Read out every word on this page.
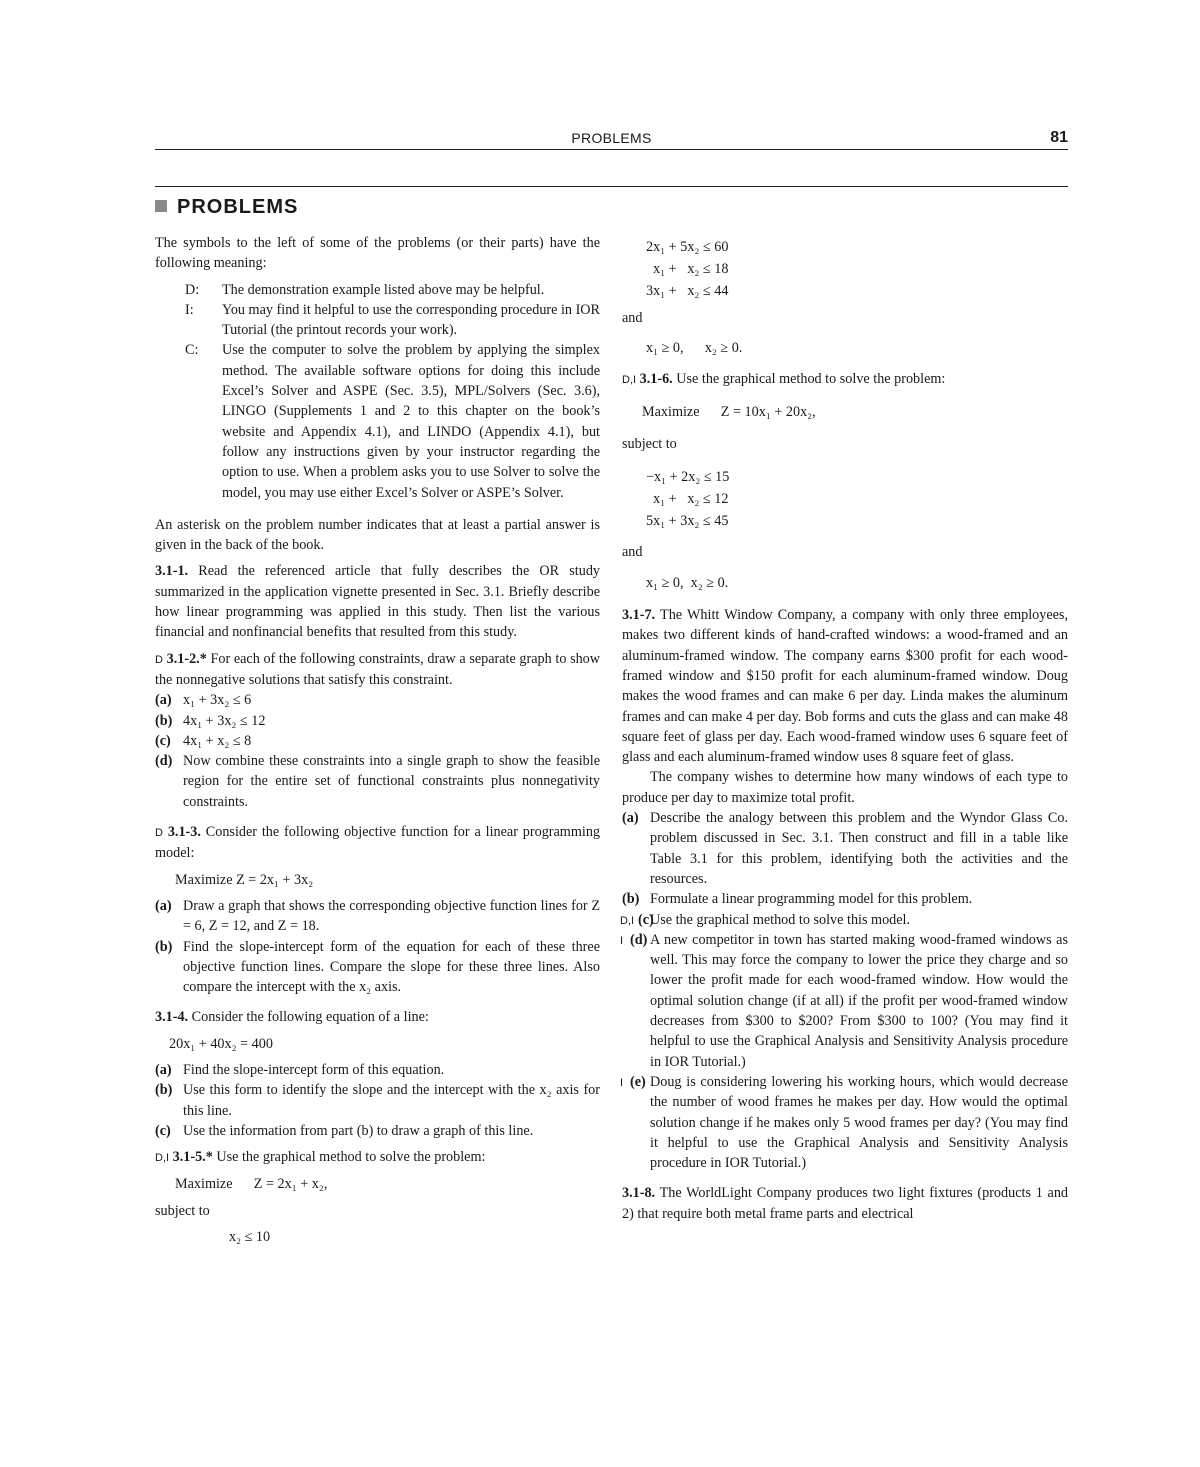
PROBLEMS	81
PROBLEMS

The symbols to the left of some of the problems (or their parts) have the following meaning:

D:	The demonstration example listed above may be helpful.
I:	You may find it helpful to use the corresponding procedure in IOR Tutorial (the printout records your work).
C:	Use the computer to solve the problem by applying the simplex method. The available software options for doing this include Excel’s Solver and ASPE (Sec. 3.5), MPL/Solvers (Sec. 3.6), LINGO (Supplements 1 and 2 to this chapter on the book’s website and Appendix 4.1), and LINDO (Appendix 4.1), but follow any instructions given by your instructor regarding the option to use. When a problem asks you to use Solver to solve the model, you may use either Excel’s Solver or ASPE’s Solver.

An asterisk on the problem number indicates that at least a partial answer is given in the back of the book.

3.1-1. Read the referenced article that fully describes the OR study summarized in the application vignette presented in Sec. 3.1. Briefly describe how linear programming was applied in this study. Then list the various financial and nonfinancial benefits that resulted from this study.

D 3.1-2.* For each of the following constraints, draw a separate graph to show the nonnegative solutions that satisfy this constraint.

(a) x₁ + 3x₂ ≤ 6
(b) 4x₁ + 3x₂ ≤ 12
(c) 4x₁ + x₂ ≤ 8
(d) Now combine these constraints into a single graph to show the feasible region for the entire set of functional constraints plus nonnegativity constraints.

D 3.1-3. Consider the following objective function for a linear programming model:

Maximize Z = 2x₁ + 3x₂
(a) Draw a graph that shows the corresponding objective function lines for Z = 6, Z = 12, and Z = 18.
(b) Find the slope-intercept form of the equation for each of these three objective function lines. Compare the slope for these three lines. Also compare the intercept with the x₂ axis.

3.1-4. Consider the following equation of a line:

20x₁ + 40x₂ = 400
(a) Find the slope-intercept form of this equation.
(b) Use this form to identify the slope and the intercept with the x₂ axis for this line.
(c) Use the information from part (b) to draw a graph of this line.

D,I 3.1-5.* Use the graphical method to solve the problem:

Maximize      Z = 2x₁ + x₂,
subject to
x₂ ≤ 10
2x₁ + 5x₂ ≤ 60
x₁ +   x₂ ≤ 18
3x₁ +   x₂ ≤ 44
and
x₁ ≥ 0,      x₂ ≥ 0.

D,I 3.1-6. Use the graphical method to solve the problem:

Maximize      Z = 10x₁ + 20x₂,
subject to
−x₁ + 2x₂ ≤ 15
x₁ +   x₂ ≤ 12
5x₁ + 3x₂ ≤ 45
and
x₁ ≥ 0,  x₂ ≥ 0.

3.1-7. The Whitt Window Company, a company with only three employees, makes two different kinds of hand-crafted windows: a wood-framed and an aluminum-framed window. The company earns $300 profit for each wood-framed window and $150 profit for each aluminum-framed window. Doug makes the wood frames and can make 6 per day. Linda makes the aluminum frames and can make 4 per day. Bob forms and cuts the glass and can make 48 square feet of glass per day. Each wood-framed window uses 6 square feet of glass and each aluminum-framed window uses 8 square feet of glass.

The company wishes to determine how many windows of each type to produce per day to maximize total profit.

(a) Describe the analogy between this problem and the Wyndor Glass Co. problem discussed in Sec. 3.1. Then construct and fill in a table like Table 3.1 for this problem, identifying both the activities and the resources.
(b) Formulate a linear programming model for this problem.
D,I (c)
Use the graphical method to solve this model.
I (d) A new competitor in town has started making wood-framed windows as well. This may force the company to lower the price they charge and so lower the profit made for each wood-framed window. How would the optimal solution change (if at all) if the profit per wood-framed window decreases from $300 to $200? From $300 to 100? (You may find it helpful to use the Graphical Analysis and Sensitivity Analysis procedure in IOR Tutorial.)
I (e) Doug is considering lowering his working hours, which would decrease the number of wood frames he makes per day. How would the optimal solution change if he makes only 5 wood frames per day? (You may find it helpful to use the Graphical Analysis and Sensitivity Analysis procedure in IOR Tutorial.)

3.1-8. The WorldLight Company produces two light fixtures (products 1 and 2) that require both metal frame parts and electrical
